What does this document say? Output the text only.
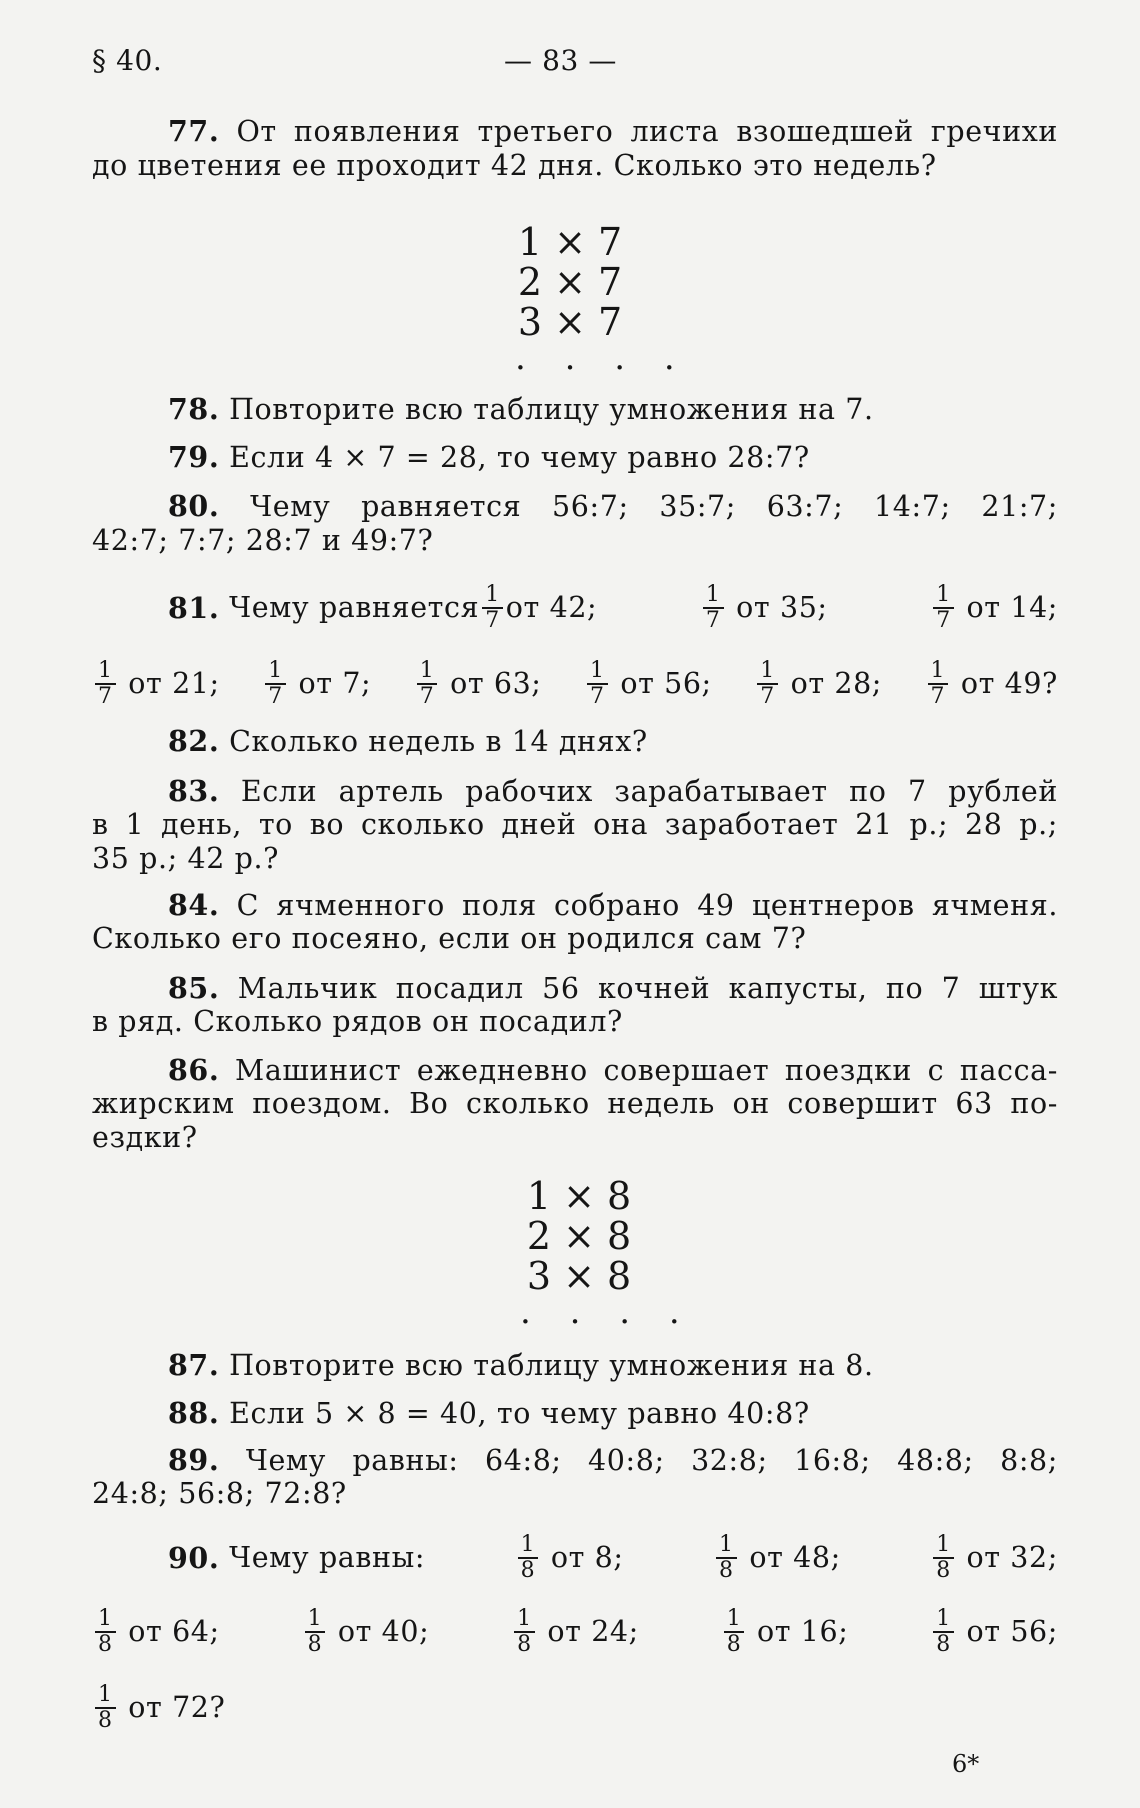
§ 40.	— 83 —
77. От появления третьего листа взошедшей гречихи
до цветения ее проходит 42 дня. Сколько это недель?
1 × 7
2 × 7
3 × 7
. . . .
78. Повторите всю таблицу умножения на 7.
79. Если 4 × 7 = 28, то чему равно 28:7?
80. Чему равняется 56:7; 35:7; 63:7; 14:7; 21:7;
42:7; 7:7; 28:7 и 49:7?
81.
Чему равняется $\frac{1}{7}$ от 42;	$\frac{1}{7}$
от 35;	$\frac{1}{7}$
от 14;
$\frac{1}{7}$
от 21; $\frac{1}{7}$
от 7; $\frac{1}{7}$
от 63; $\frac{1}{7}$
от 56; $\frac{1}{7}$
от 28; $\frac{1}{7}$
от 49?
82. Сколько недель в 14 днях?
83. Если артель рабочих зарабатывает по 7 рублей
в 1 день, то во сколько дней она заработает 21 р.; 28 р.;
35 р.; 42 р.?
84. С ячменного поля собрано 49 центнеров ячменя.
Сколько его посеяно, если он родился сам 7?
85. Мальчик посадил 56 кочней капусты, по 7 штук
в ряд. Сколько рядов он посадил?
86. Машинист ежедневно совершает поездки с пасса-
жирским поездом. Во сколько недель он совершит 63 по-
ездки?
1 × 8
2 × 8
3 × 8
. . . .
87. Повторите всю таблицу умножения на 8.
88. Если 5 × 8 = 40, то чему равно 40:8?
89. Чему равны: 64:8; 40:8; 32:8; 16:8; 48:8; 8:8;
24:8; 56:8; 72:8?
90.
Чему равны:	$\frac{1}{8}$
от 8;	$\frac{1}{8}$
от 48;	$\frac{1}{8}$
от 32;
$\frac{1}{8}$
от 64;	$\frac{1}{8}$
от 40;	$\frac{1}{8}$
от 24;	$\frac{1}{8}$
от 16;	$\frac{1}{8}$
от 56;
$\frac{1}{8}$
от 72?
6*
